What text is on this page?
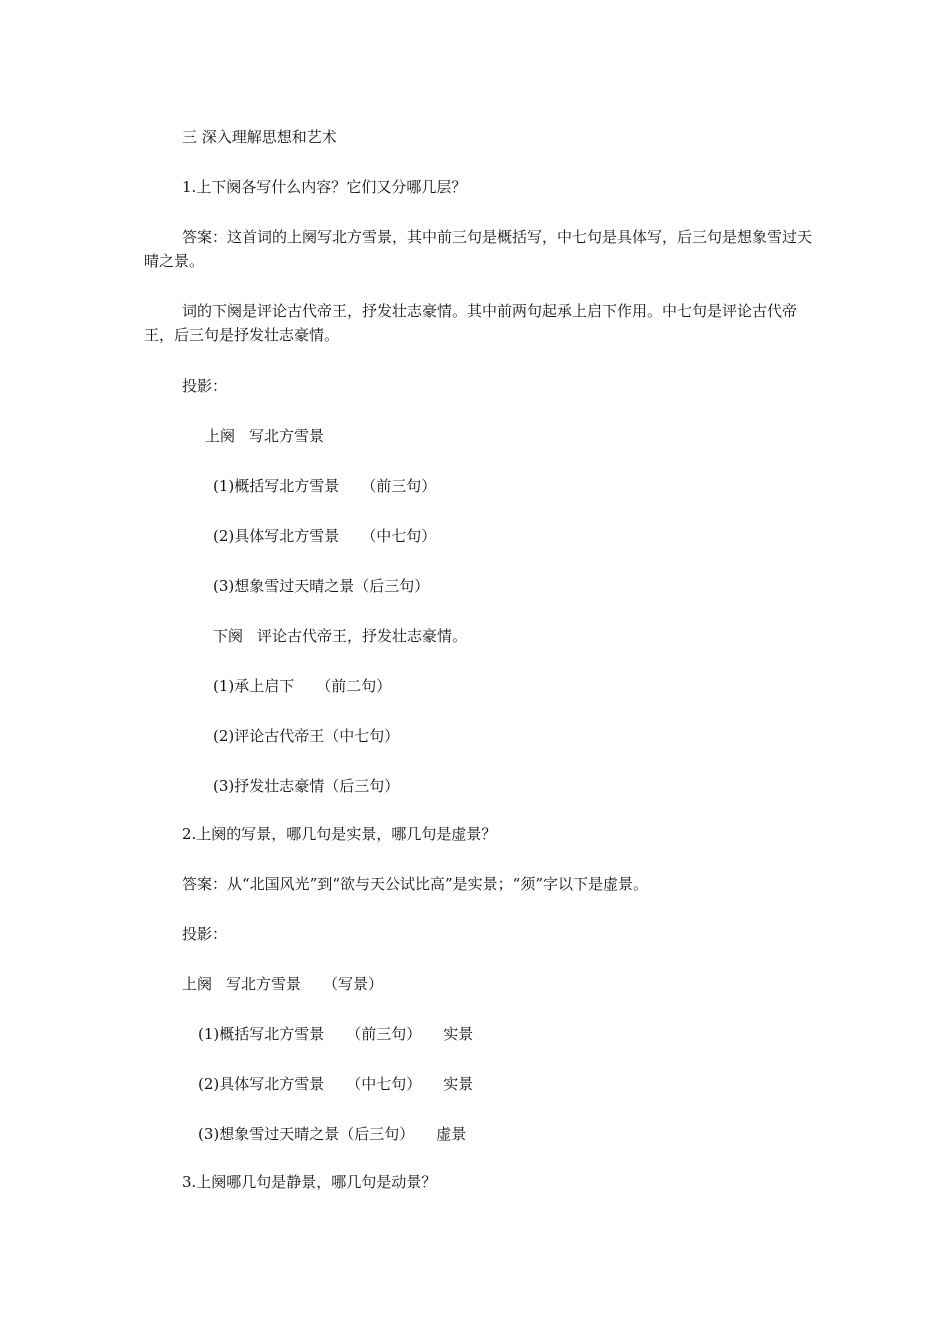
三 深入理解思想和艺术
1.上下阕各写什么内容？它们又分哪几层？
答案：这首词的上阕写北方雪景，其中前三句是概括写，中七句是具体写，后三句是想象雪过天晴之景。
词的下阕是评论古代帝王，抒发壮志豪情。其中前两句起承上启下作用。中七句是评论古代帝王，后三句是抒发壮志豪情。
投影：
上阕 写北方雪景
(1)概括写北方雪景 （前三句）
(2)具体写北方雪景 （中七句）
(3)想象雪过天晴之景（后三句）
下阕 评论古代帝王，抒发壮志豪情。
(1)承上启下 （前二句）
(2)评论古代帝王（中七句）
(3)抒发壮志豪情（后三句）
2.上阕的写景，哪几句是实景，哪几句是虚景？
答案：从“北国风光”到“欲与天公试比高”是实景；“须”字以下是虚景。
投影：
上阕 写北方雪景 （写景）
(1)概括写北方雪景 （前三句） 实景
(2)具体写北方雪景 （中七句） 实景
(3)想象雪过天晴之景（后三句） 虚景
3.上阕哪几句是静景，哪几句是动景？
